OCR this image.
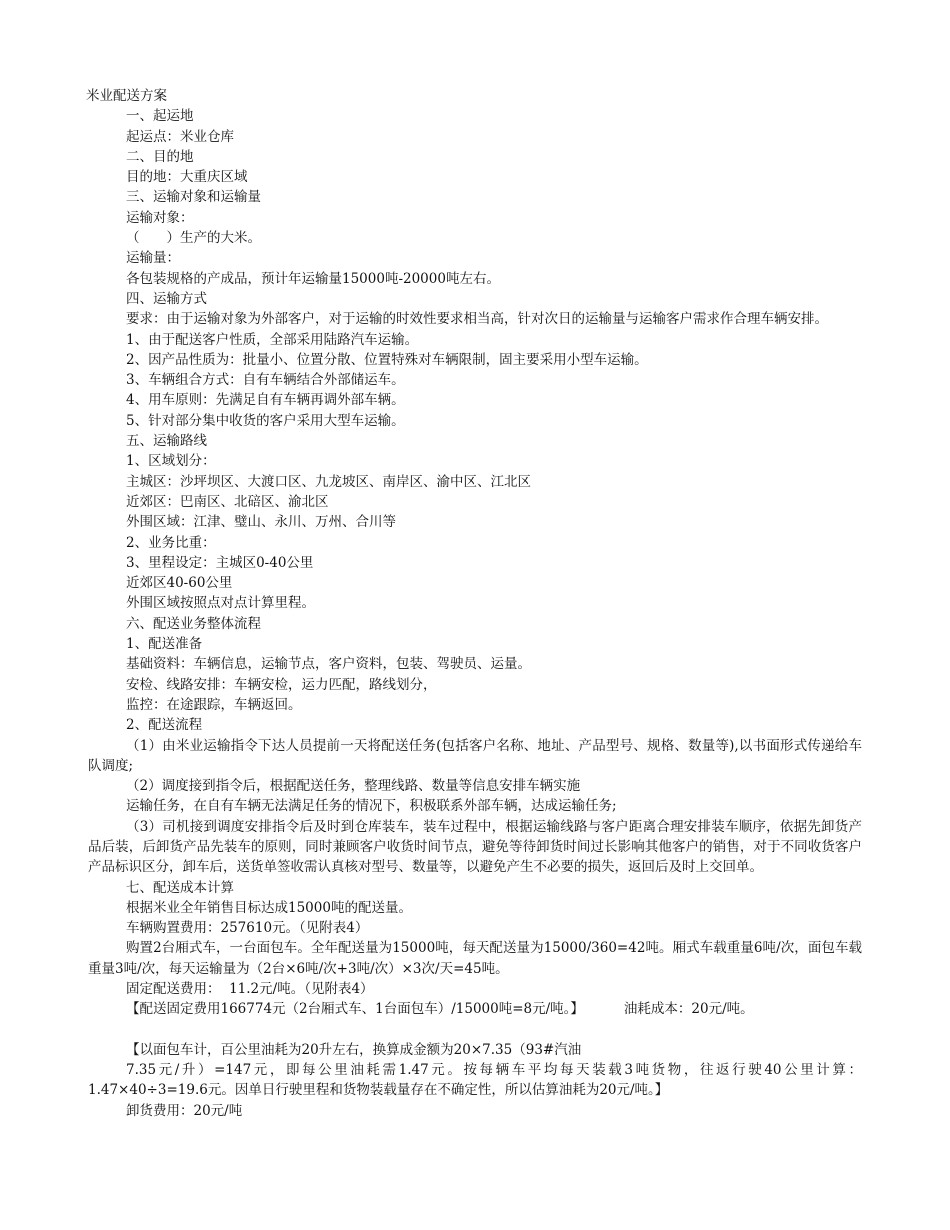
米业配送方案
一、起运地
起运点：米业仓库
二、目的地
目的地：大重庆区域
三、运输对象和运输量
运输对象：
（　　）生产的大米。
运输量：
各包装规格的产成品，预计年运输量15000吨-20000吨左右。
四、运输方式
要求：由于运输对象为外部客户，对于运输的时效性要求相当高，针对次日的运输量与运输客户需求作合理车辆安排。
1、由于配送客户性质，全部采用陆路汽车运输。
2、因产品性质为：批量小、位置分散、位置特殊对车辆限制，固主要采用小型车运输。
3、车辆组合方式：自有车辆结合外部储运车。
4、用车原则：先满足自有车辆再调外部车辆。
5、针对部分集中收货的客户采用大型车运输。
五、运输路线
1、区域划分：
主城区：沙坪坝区、大渡口区、九龙坡区、南岸区、渝中区、江北区
近郊区：巴南区、北碚区、渝北区
外围区域：江津、璧山、永川、万州、合川等
2、业务比重：
3、里程设定：主城区0-40公里
近郊区40-60公里
外围区域按照点对点计算里程。
六、配送业务整体流程
1、配送准备
基础资料：车辆信息，运输节点，客户资料，包装、驾驶员、运量。
安检、线路安排：车辆安检，运力匹配，路线划分，
监控：在途跟踪，车辆返回。
2、配送流程
（1）由米业运输指令下达人员提前一天将配送任务(包括客户名称、地址、产品型号、规格、数量等),以书面形式传递给车队调度;
（2）调度接到指令后，根据配送任务，整理线路、数量等信息安排车辆实施
运输任务，在自有车辆无法满足任务的情况下，积极联系外部车辆，达成运输任务;
（3）司机接到调度安排指令后及时到仓库装车，装车过程中，根据运输线路与客户距离合理安排装车顺序，依据先卸货产品后装，后卸货产品先装车的原则，同时兼顾客户收货时间节点，避免等待卸货时间过长影响其他客户的销售，对于不同收货客户产品标识区分，卸车后，送货单签收需认真核对型号、数量等，以避免产生不必要的损失，返回后及时上交回单。
七、配送成本计算
根据米业全年销售目标达成15000吨的配送量。
车辆购置费用：257610元。（见附表4）
购置2台厢式车，一台面包车。全年配送量为15000吨，每天配送量为15000/360=42吨。厢式车载重量6吨/次，面包车载重量3吨/次，每天运输量为（2台×6吨/次+3吨/次）×3次/天=45吨。
固定配送费用：  11.2元/吨。（见附表4）
【配送固定费用166774元（2台厢式车、1台面包车）/15000吨=8元/吨。】	油耗成本：20元/吨。
【以面包车计，百公里油耗为20升左右，换算成金额为20×7.35（93#汽油
7.35元/升）=147元，即每公里油耗需1.47元。按每辆车平均每天装载3吨货物，往返行驶40公里计算：1.47×40÷3=19.6元。因单日行驶里程和货物装载量存在不确定性，所以估算油耗为20元/吨。】
卸货费用：20元/吨
